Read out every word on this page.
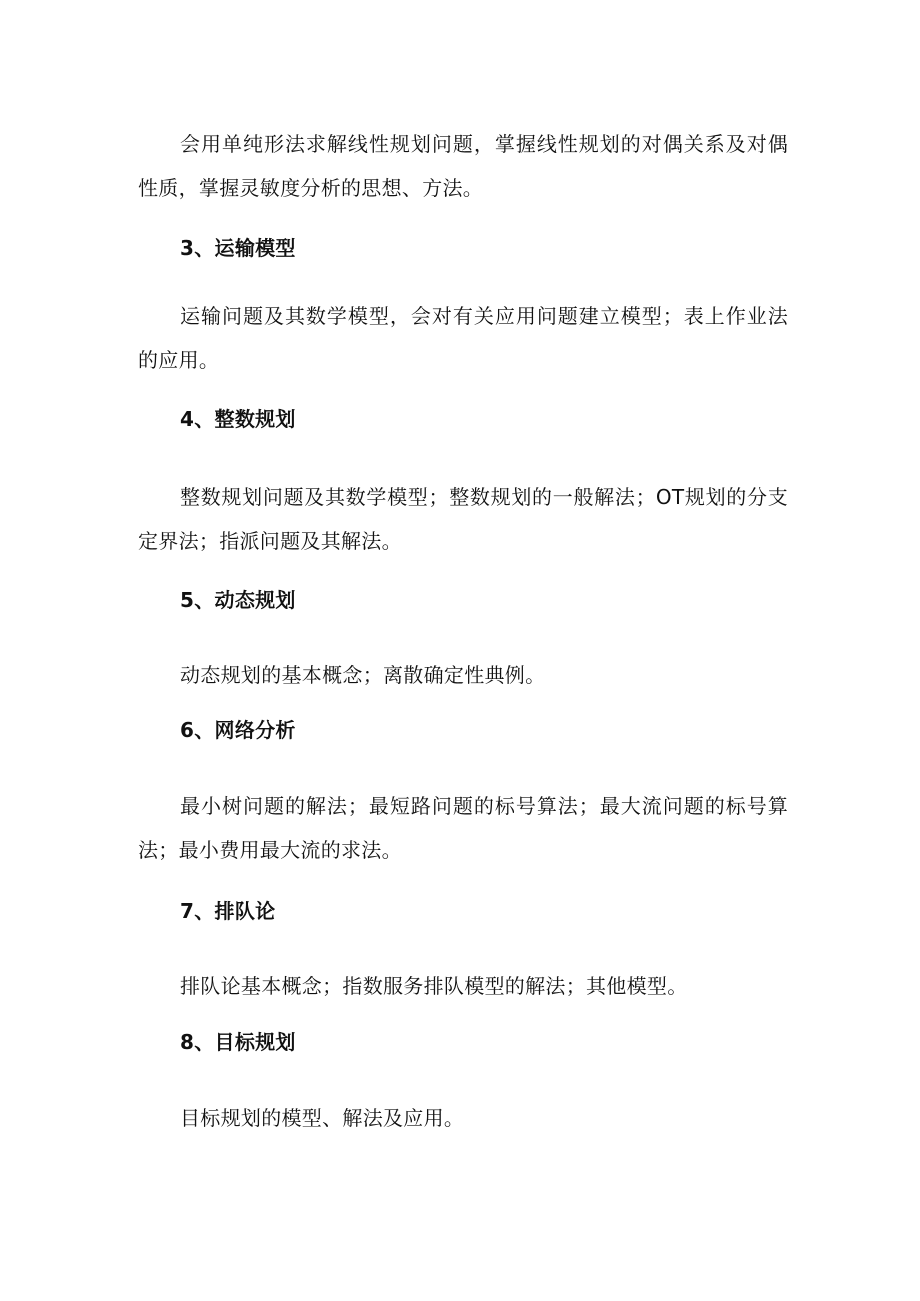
会用单纯形法求解线性规划问题，掌握线性规划的对偶关系及对偶性质，掌握灵敏度分析的思想、方法。

3、运输模型

运输问题及其数学模型，会对有关应用问题建立模型；表上作业法的应用。

4、整数规划

整数规划问题及其数学模型；整数规划的一般解法；OT规划的分支定界法；指派问题及其解法。

5、动态规划

动态规划的基本概念；离散确定性典例。

6、网络分析

最小树问题的解法；最短路问题的标号算法；最大流问题的标号算法；最小费用最大流的求法。

7、排队论

排队论基本概念；指数服务排队模型的解法；其他模型。

8、目标规划

目标规划的模型、解法及应用。
